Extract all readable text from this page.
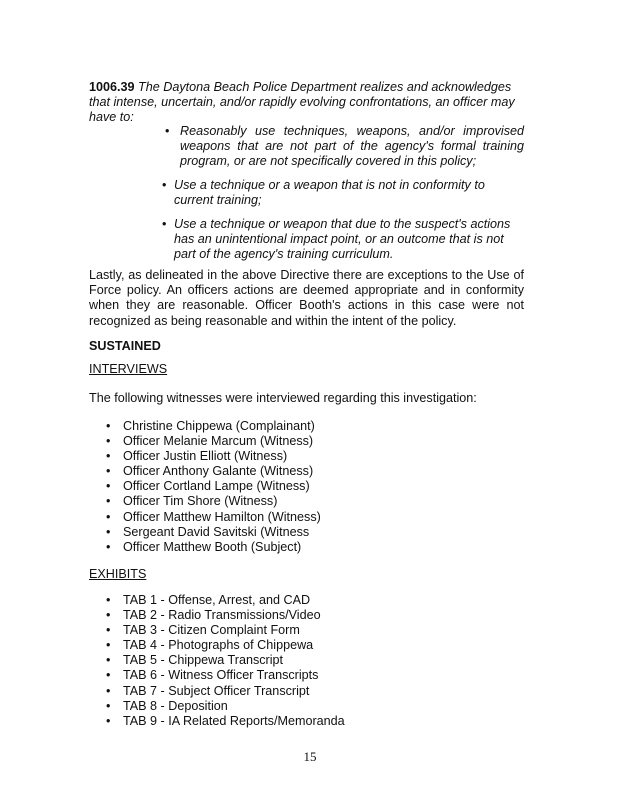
1006.39 The Daytona Beach Police Department realizes and acknowledges that intense, uncertain, and/or rapidly evolving confrontations, an officer may have to:

• Reasonably use techniques, weapons, and/or improvised weapons that are not part of the agency's formal training program, or are not specifically covered in this policy;
• Use a technique or a weapon that is not in conformity to current training;
• Use a technique or weapon that due to the suspect's actions has an unintentional impact point, or an outcome that is not part of the agency's training curriculum.

Lastly, as delineated in the above Directive there are exceptions to the Use of Force policy. An officers actions are deemed appropriate and in conformity when they are reasonable. Officer Booth's actions in this case were not recognized as being reasonable and within the intent of the policy.

SUSTAINED
INTERVIEWS
The following witnesses were interviewed regarding this investigation:
• Christine Chippewa (Complainant)
• Officer Melanie Marcum (Witness)
• Officer Justin Elliott (Witness)
• Officer Anthony Galante (Witness)
• Officer Cortland Lampe (Witness)
• Officer Tim Shore (Witness)
• Officer Matthew Hamilton (Witness)
• Sergeant David Savitski (Witness
• Officer Matthew Booth (Subject)
EXHIBITS
• TAB 1 - Offense, Arrest, and CAD
• TAB 2 - Radio Transmissions/Video
• TAB 3 - Citizen Complaint Form
• TAB 4 - Photographs of Chippewa
• TAB 5 - Chippewa Transcript
• TAB 6 - Witness Officer Transcripts
• TAB 7 - Subject Officer Transcript
• TAB 8 - Deposition
• TAB 9 - IA Related Reports/Memoranda
15
